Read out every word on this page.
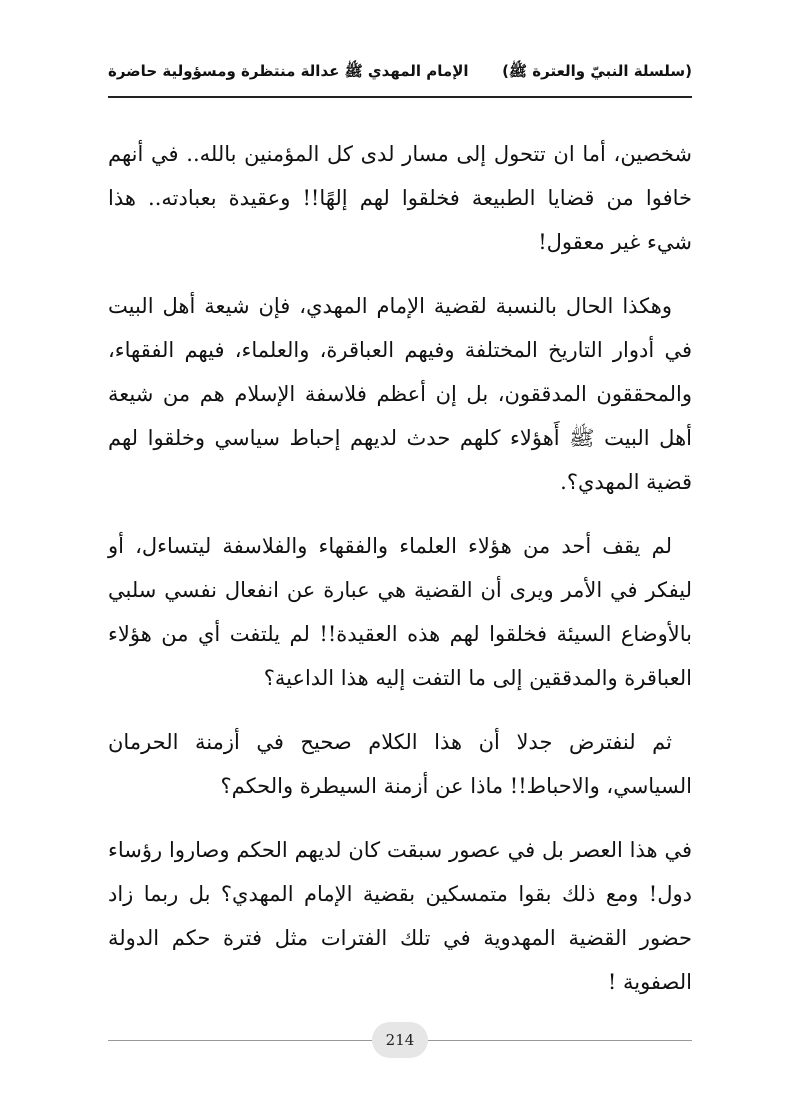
(سلسلة النبيّ والعترة ﷺ)
الإمام المهدي ﷺ عدالة منتظرة ومسؤولية حاضرة

شخصين، أما ان تتحول إلى مسار لدى كل المؤمنين بالله.. في أنهم خافوا من قضايا الطبيعة فخلقوا لهم إلهًا!! وعقيدة بعبادته.. هذا شيء غير معقول!

وهكذا الحال بالنسبة لقضية الإمام المهدي، فإن شيعة أهل البيت في أدوار التاريخ المختلفة وفيهم العباقرة، والعلماء، فيهم الفقهاء، والمحققون المدققون، بل إن أعظم فلاسفة الإسلام هم من شيعة أهل البيت ﷺ أَهؤلاء كلهم حدث لديهم إحباط سياسي وخلقوا لهم قضية المهدي؟.

لم يقف أحد من هؤلاء العلماء والفقهاء والفلاسفة ليتساءل، أو ليفكر في الأمر ويرى أن القضية هي عبارة عن انفعال نفسي سلبي بالأوضاع السيئة فخلقوا لهم هذه العقيدة!! لم يلتفت أي من هؤلاء العباقرة والمدققين إلى ما التفت إليه هذا الداعية؟

ثم لنفترض جدلا أن هذا الكلام صحيح في أزمنة الحرمان السياسي، والاحباط!! ماذا عن أزمنة السيطرة والحكم؟

في هذا العصر بل في عصور سبقت كان لديهم الحكم وصاروا رؤساء دول! ومع ذلك بقوا متمسكين بقضية الإمام المهدي؟ بل ربما زاد حضور القضية المهدوية في تلك الفترات مثل فترة حكم الدولة الصفوية !

214
